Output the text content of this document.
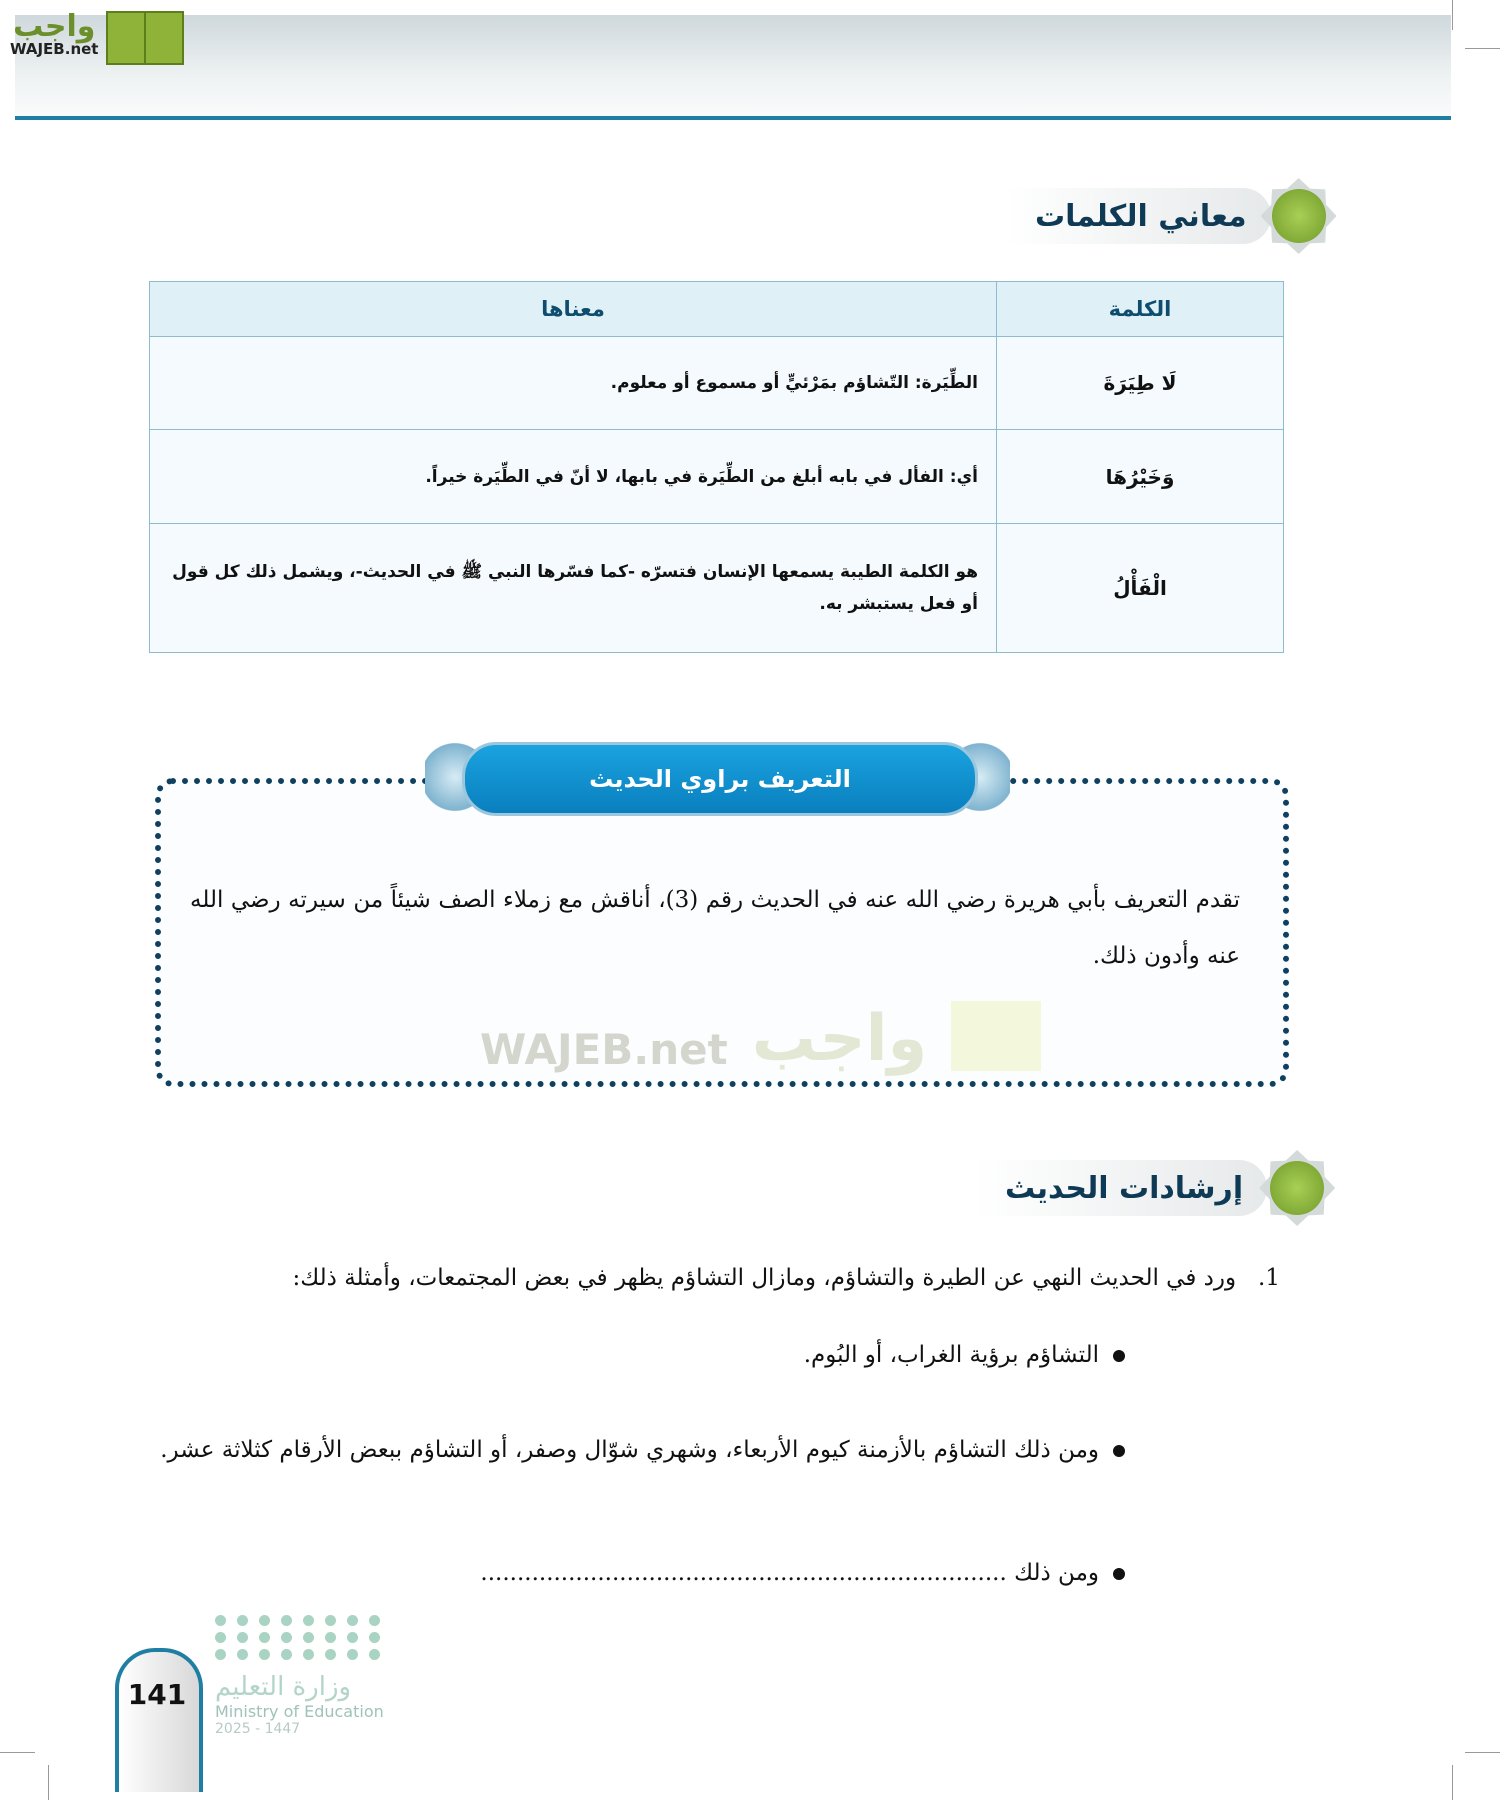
واجب
WAJEB.net
معاني الكلمات
الكلمة	معناها
لَا طِيَرَةَ	الطِّيَرة: التّشاؤم بمَرْئيٍّ أو مسموع أو معلوم.
وَخَيْرُهَا	أي: الفأل في بابه أبلغ من الطِّيَرة في بابها، لا أنّ في الطِّيَرة خيراً.
الْفَأْلُ	هو الكلمة الطيبة يسمعها الإنسان فتسرّه -كما فسّرها النبي ﷺ في الحديث-، ويشمل ذلك كل قول أو فعل يستبشر به.
WAJEB.net واجب
التعريف براوي الحديث
تقدم التعريف بأبي هريرة رضي الله عنه في الحديث رقم (3)، أناقش مع زملاء الصف شيئاً من سيرته رضي الله عنه وأدون ذلك.
إرشادات الحديث
1.   ورد في الحديث النهي عن الطيرة والتشاؤم، ومازال التشاؤم يظهر في بعض المجتمعات، وأمثلة ذلك:
التشاؤم برؤية الغراب، أو البُوم.
ومن ذلك التشاؤم بالأزمنة كيوم الأربعاء، وشهري شوّال وصفر، أو التشاؤم ببعض الأرقام كثلاثة عشر.
ومن ذلك ........................................................................
وزارة التعليم
Ministry of Education
2025 - 1447
141
